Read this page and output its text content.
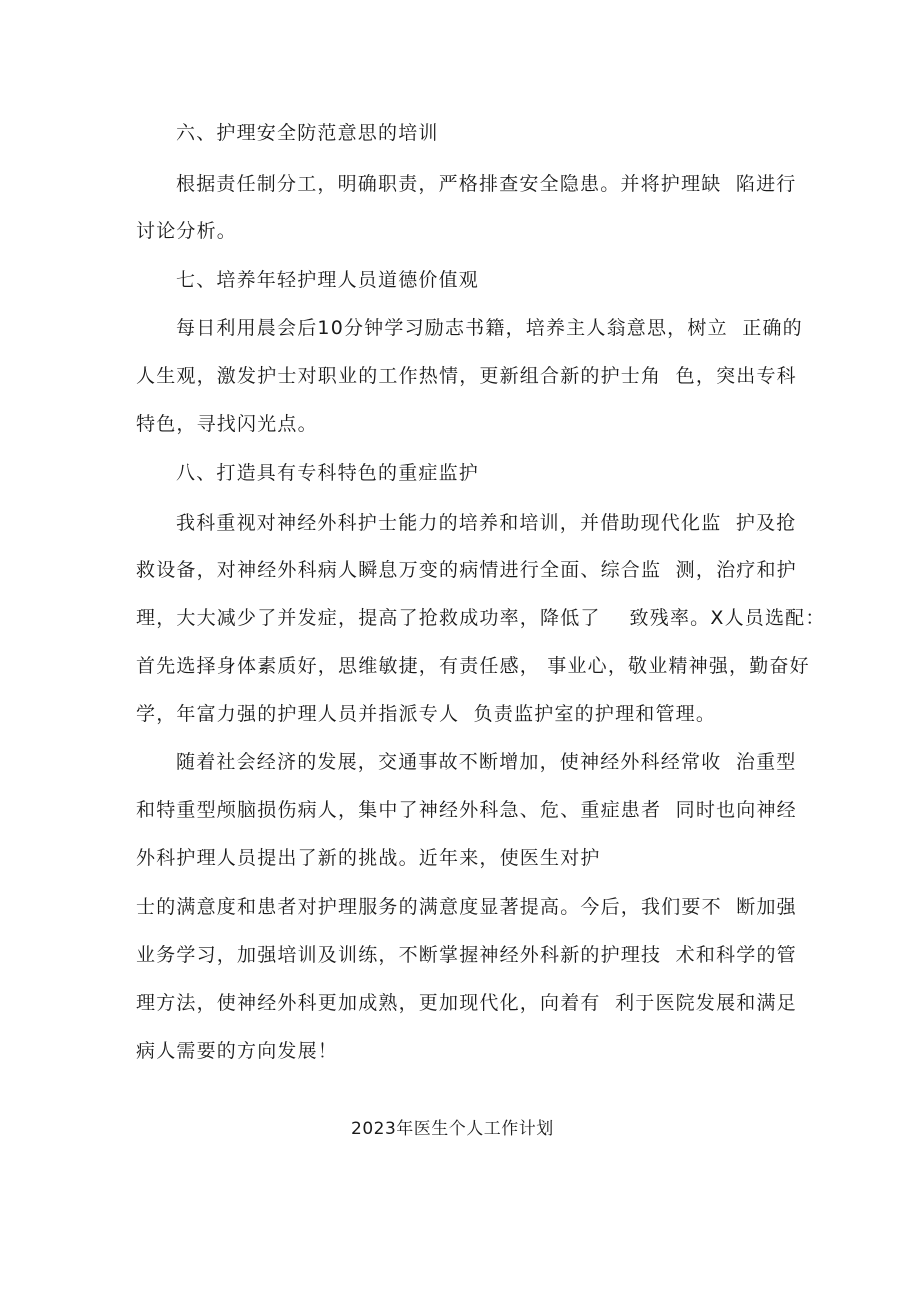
六、护理安全防范意思的培训
根据责任制分工，明确职责，严格排查安全隐患。并将护理缺  陷进行
讨论分析。
七、培养年轻护理人员道德价值观
每日利用晨会后10分钟学习励志书籍，培养主人翁意思，树立  正确的
人生观，激发护士对职业的工作热情，更新组合新的护士角  色，突出专科
特色，寻找闪光点。
八、打造具有专科特色的重症监护
我科重视对神经外科护士能力的培养和培训，并借助现代化监  护及抢
救设备，对神经外科病人瞬息万变的病情进行全面、综合监  测，治疗和护
理，大大减少了并发症，提高了抢救成功率，降低了    致残率。X人员选配：
首先选择身体素质好，思维敏捷，有责任感， 事业心，敬业精神强，勤奋好
学，年富力强的护理人员并指派专人  负责监护室的护理和管理。
随着社会经济的发展，交通事故不断增加，使神经外科经常收  治重型
和特重型颅脑损伤病人，集中了神经外科急、危、重症患者  同时也向神经
外科护理人员提出了新的挑战。近年来，使医生对护
士的满意度和患者对护理服务的满意度显著提高。今后，我们要不  断加强
业务学习，加强培训及训练，不断掌握神经外科新的护理技  术和科学的管
理方法，使神经外科更加成熟，更加现代化，向着有  利于医院发展和满足
病人需要的方向发展！
2023年医生个人工作计划
